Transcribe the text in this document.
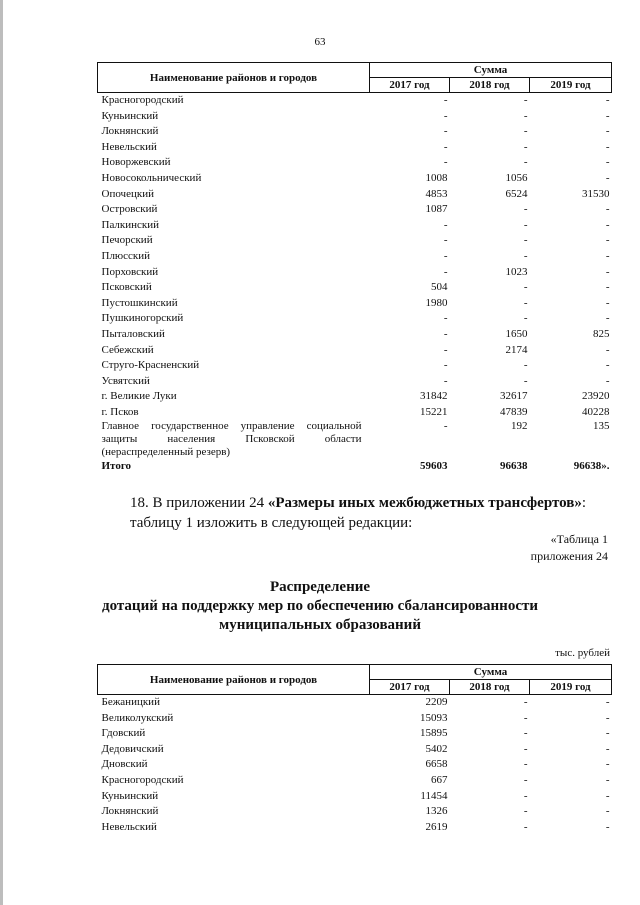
63
Наименование районов и городов	Сумма		
	2017 год	2018 год	2019 год
Красногородский	-	-	-
Куньинский	-	-	-
Локнянский	-	-	-
Невельский	-	-	-
Новоржевский	-	-	-
Новосокольнический	1008	1056	-
Опочецкий	4853	6524	31530
Островский	1087	-	-
Палкинский	-	-	-
Печорский	-	-	-
Плюсский	-	-	-
Порховский	-	1023	-
Псковский	504	-	-
Пустошкинский	1980	-	-
Пушкиногорский	-	-	-
Пыталовский	-	1650	825
Себежский	-	2174	-
Струго-Красненский	-	-	-
Усвятский	-	-	-
г. Великие Луки	31842	32617	23920
г. Псков	15221	47839	40228
Главное государственное управление социальной защиты населения Псковской области (нераспределенный резерв)	-	192	135
Итого	59603	96638	96638».
18. В приложении 24 «Размеры иных межбюджетных трансфертов»:
таблицу 1 изложить в следующей редакции:
«Таблица 1
приложения 24
Распределение
дотаций на поддержку мер по обеспечению сбалансированности
муниципальных образований
тыс. рублей
Наименование районов и городов	Сумма		
	2017 год	2018 год	2019 год
Бежаницкий	2209	-	-
Великолукский	15093	-	-
Гдовский	15895	-	-
Дедовичский	5402	-	-
Дновский	6658	-	-
Красногородский	667	-	-
Куньинский	11454	-	-
Локнянский	1326	-	-
Невельский	2619	-	-
